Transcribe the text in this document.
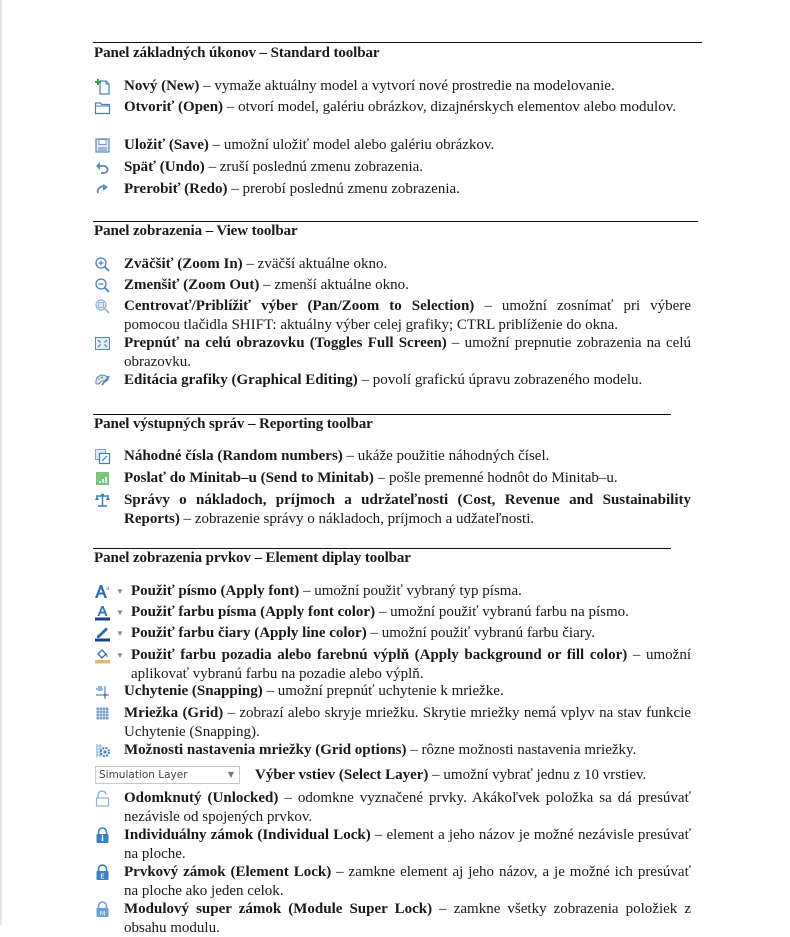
Panel základných úkonov – Standard toolbar
Nový (New) – vymaže aktuálny model a vytvorí nové prostredie na modelovanie.
Otvoriť (Open) – otvorí model, galériu obrázkov, dizajnérskych elementov alebo modulov.
Uložiť (Save) – umožní uložiť model alebo galériu obrázkov.
Späť (Undo) – zruší poslednú zmenu zobrazenia.
Prerobiť (Redo) – prerobí poslednú zmenu zobrazenia.
Panel zobrazenia – View toolbar
Zväčšiť (Zoom In) – zväčší aktuálne okno.
Zmenšiť (Zoom Out) – zmenší aktuálne okno.
Centrovať/Priblížiť výber (Pan/Zoom to Selection) – umožní zosnímať pri výbere pomocou tlačidla SHIFT: aktuálny výber celej grafiky; CTRL priblíženie do okna.
Prepnúť na celú obrazovku (Toggles Full Screen) – umožní prepnutie zobrazenia na celú obrazovku.
Editácia grafiky (Graphical Editing) – povolí grafickú úpravu zobrazeného modelu.
Panel výstupných správ – Reporting toolbar
Náhodné čísla (Random numbers) – ukáže použitie náhodných čísel.
Poslať do Minitab–u (Send to Minitab) – pošle premenné hodnôt do Minitab–u.
Správy o nákladoch, príjmoch a udržateľnosti (Cost, Revenue and Sustainability Reports) – zobrazenie správy o nákladoch, príjmoch a udžateľnosti.
Panel zobrazenia prvkov – Element diplay toolbar
a ▼ Použiť písmo (Apply font) – umožní použiť vybraný typ písma.
▼ Použiť farbu písma (Apply font color) – umožní použiť vybranú farbu na písmo.
▼ Použiť farbu čiary (Apply line color) – umožní použiť vybranú farbu čiary.
▼ Použiť farbu pozadia alebo farebnú výplň (Apply background or fill color) – umožní aplikovať vybranú farbu na pozadie alebo výplň.
Uchytenie (Snapping) – umožní prepnúť uchytenie k mriežke.
Mriežka (Grid) – zobrazí alebo skryje mriežku. Skrytie mriežky nemá vplyv na stav funkcie Uchytenie (Snapping).
Možnosti nastavenia mriežky (Grid options) – rôzne možnosti nastavenia mriežky.
Simulation Layer	▼ Výber vstiev (Select Layer) – umožní vybrať jednu z 10 vrstiev.
Odomknutý (Unlocked) – odomkne vyznačené prvky. Akákoľvek položka sa dá presúvať nezávisle od spojených prvkov.
Individuálny zámok (Individual Lock) – element a jeho názov je možné nezávisle presúvať na ploche.
E Prvkový zámok (Element Lock) – zamkne element aj jeho názov, a je možné ich presúvať na ploche ako jeden celok.
M Modulový super zámok (Module Super Lock) – zamkne všetky zobrazenia položiek z obsahu modulu.
